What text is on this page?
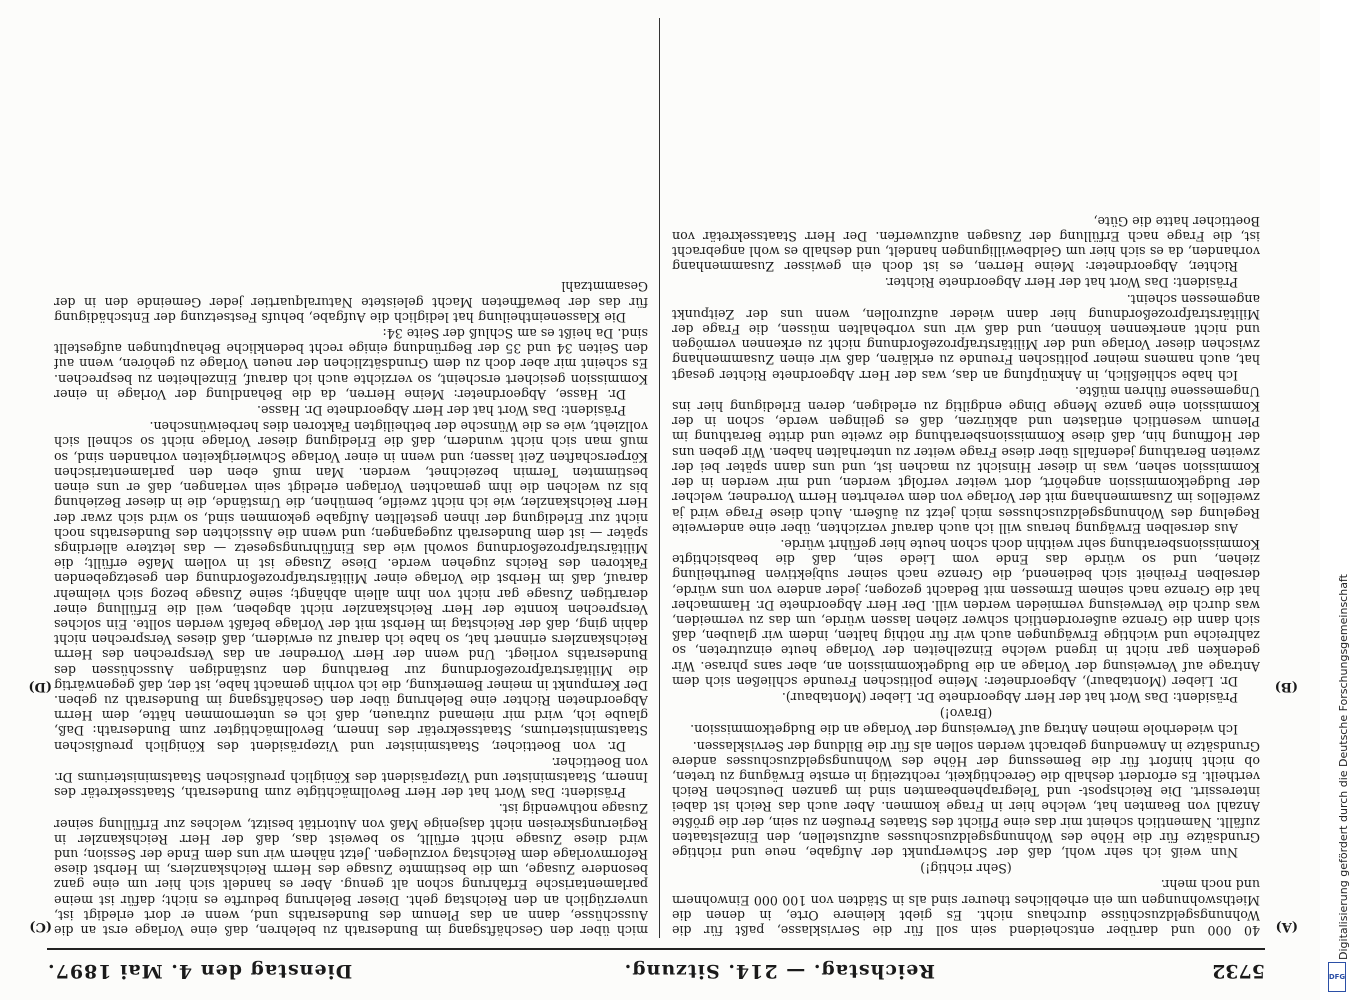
5732
Reichstag. — 214. Sitzung.
Dienstag den 4. Mai 1897.
(A)
(B)
(C)
(D)

40 000 und darüber entscheidend sein soll für die Servisklasse, paßt für die Wohnungsgeldzuschüsse durchaus nicht. Es giebt kleinere Orte, in denen die Miethswohnungen um ein erhebliches theurer sind als in Städten von 100 000 Einwohnern und noch mehr.

(Sehr richtig!)

Nun weiß ich sehr wohl, daß der Schwerpunkt der Aufgabe, neue und richtige Grundsätze für die Höhe des Wohnungsgeldzuschusses aufzustellen, den Einzelstaaten zufällt. Namentlich scheint mir das eine Pflicht des Staates Preußen zu sein, der die größte Anzahl von Beamten hat, welche hier in Frage kommen. Aber auch das Reich ist dabei interessirt. Die Reichspost- und Telegraphenbeamten sind im ganzen Deutschen Reich vertheilt. Es erfordert deshalb die Gerechtigkeit, rechtzeitig in ernste Erwägung zu treten, ob nicht hinfort für die Bemessung der Höhe des Wohnungsgeldzuschusses andere Grundsätze in Anwendung gebracht werden sollen als für die Bildung der Servisklassen.

Ich wiederhole meinen Antrag auf Verweisung der Vorlage an die Budgetkommission.

(Bravo!)

Präsident: Das Wort hat der Herr Abgeordnete Dr. Lieber (Montabaur).

Dr. Lieber (Montabaur), Abgeordneter: Meine politischen Freunde schließen sich dem Antrage auf Verweisung der Vorlage an die Budgetkommission an, aber sans phrase. Wir gedenken gar nicht in irgend welche Einzelheiten der Vorlage heute einzutreten, so zahlreiche und wichtige Erwägungen auch wir für nöthig halten, indem wir glauben, daß sich dann die Grenze außerordentlich schwer ziehen lassen würde, um das zu vermeiden, was durch die Verweisung vermieden werden will. Der Herr Abgeordnete Dr. Hammacher hat die Grenze nach seinem Ermessen mit Bedacht gezogen; jeder andere von uns würde, derselben Freiheit sich bedienend, die Grenze nach seiner subjektiven Beurtheilung ziehen, und so würde das Ende vom Liede sein, daß die beabsichtigte Kommissionsberathung sehr weithin doch schon heute hier geführt würde.

Aus derselben Erwägung heraus will ich auch darauf verzichten, über eine anderweite Regelung des Wohnungsgeldzuschusses mich jetzt zu äußern. Auch diese Frage wird ja zweifellos im Zusammenhang mit der Vorlage von dem verehrten Herrn Vorredner, welcher der Budgetkommission angehört, dort weiter verfolgt werden, und mir werden in der Kommission sehen, was in dieser Hinsicht zu machen ist, und uns dann später bei der zweiten Berathung jedenfalls über diese Frage weiter zu unterhalten haben. Wir geben uns der Hoffnung hin, daß diese Kommissionsberathung die zweite und dritte Berathung im Plenum wesentlich entlasten und abkürzen, daß es gelingen werde, schon in der Kommission eine ganze Menge Dinge endgiltig zu erledigen, deren Erledigung hier ins Ungemessene führen müßte.

Ich habe schließlich, in Anknüpfung an das, was der Herr Abgeordnete Richter gesagt hat, auch namens meiner politischen Freunde zu erklären, daß wir einen Zusammenhang zwischen dieser Vorlage und der Militärstrafprozeßordnung nicht zu erkennen vermögen und nicht anerkennen können, und daß wir uns vorbehalten müssen, die Frage der Militärstrafprozeßordnung hier dann wieder aufzurollen, wenn uns der Zeitpunkt angemessen scheint.

Präsident: Das Wort hat der Herr Abgeordnete Richter.

Richter, Abgeordneter: Meine Herren, es ist doch ein gewisser Zusammenhang vorhanden, da es sich hier um Geldbewilligungen handelt, und deshalb es wohl angebracht ist, die Frage nach Erfüllung der Zusagen aufzuwerfen. Der Herr Staatssekretär von Boetticher hatte die Güte,

mich über den Geschäftsgang im Bundesrath zu belehren, daß eine Vorlage erst an die Ausschüsse, dann an das Plenum des Bundesraths und, wenn er dort erledigt ist, unverzüglich an den Reichstag geht. Dieser Belehrung bedurfte es nicht; dafür ist meine parlamentarische Erfahrung schon alt genug. Aber es handelt sich hier um eine ganz besondere Zusage, um die bestimmte Zusage des Herrn Reichskanzlers, im Herbst diese Reformvorlage dem Reichstag vorzulegen. Jetzt nähern wir uns dem Ende der Session; und wird diese Zusage nicht erfüllt, so beweist das, daß der Herr Reichskanzler in Regierungskreisen nicht dasjenige Maß von Autorität besitzt, welches zur Erfüllung seiner Zusage nothwendig ist.

Präsident: Das Wort hat der Herr Bevollmächtigte zum Bundesrath, Staatssekretär des Innern, Staatsminister und Vizepräsident des Königlich preußischen Staatsministeriums Dr. von Boetticher.

Dr. von Boetticher, Staatsminister und Vizepräsident des Königlich preußischen Staatsministeriums, Staatssekretär des Innern, Bevollmächtigter zum Bundesrath: Daß, glaube ich, wird mir niemand zutrauen, daß ich es unternommen hätte, dem Herrn Abgeordneten Richter eine Belehrung über den Geschäftsgang im Bundesrath zu geben. Der Kernpunkt in meiner Bemerkung, die ich vorhin gemacht habe, ist der, daß gegenwärtig die Militärstrafprozeßordnung zur Berathung den zuständigen Ausschüssen des Bundesraths vorliegt. Und wenn der Herr Vorredner an das Versprechen des Herrn Reichskanzlers erinnert hat, so habe ich darauf zu erwidern, daß dieses Versprechen nicht dahin ging, daß der Reichstag im Herbst mit der Vorlage befaßt werden sollte. Ein solches Versprechen konnte der Herr Reichskanzler nicht abgeben, weil die Erfüllung einer derartigen Zusage gar nicht von ihm allein abhängt; seine Zusage bezog sich vielmehr darauf, daß im Herbst die Vorlage einer Militärstrafprozeßordnung den gesetzgebenden Faktoren des Reichs zugehen werde. Diese Zusage ist in vollem Maße erfüllt; die Militärstrafprozeßordnung sowohl wie das Einführungsgesetz — das letztere allerdings später — ist dem Bundesrath zugegangen; und wenn die Aussichten des Bundesraths noch nicht zur Erledigung der ihnen gestellten Aufgabe gekommen sind, so wird sich zwar der Herr Reichskanzler, wie ich nicht zweifle, bemühen, die Umstände, die in dieser Beziehung bis zu welchen die ihm gemachten Vorlagen erledigt sein verlangen, daß er uns einen bestimmten Termin bezeichnet, werden. Man muß eben den parlamentarischen Körperschaften Zeit lassen; und wenn in einer Vorlage Schwierigkeiten vorhanden sind, so muß man sich nicht wundern, daß die Erledigung dieser Vorlage nicht so schnell sich vollzieht, wie es die Wünsche der betheiligten Faktoren dies herbeiwünschen.

Präsident: Das Wort hat der Herr Abgeordnete Dr. Hasse.

Dr. Hasse, Abgeordneter: Meine Herren, da die Behandlung der Vorlage in einer Kommission gesichert erscheint, so verzichte auch ich darauf, Einzelheiten zu besprechen. Es scheint mir aber doch zu dem Grundsätzlichen der neuen Vorlage zu gehören, wenn auf den Seiten 34 und 35 der Begründung einige recht bedenkliche Behauptungen aufgestellt sind. Da heißt es am Schluß der Seite 34:

Die Klasseneintheilung hat lediglich die Aufgabe, behufs Festsetzung der Entschädigung für das der bewaffneten Macht geleistete Naturalquartier jeder Gemeinde den in der Gesammtzahl

Digitalisierung gefördert durch die Deutsche Forschungsgemeinschaft
DFG
